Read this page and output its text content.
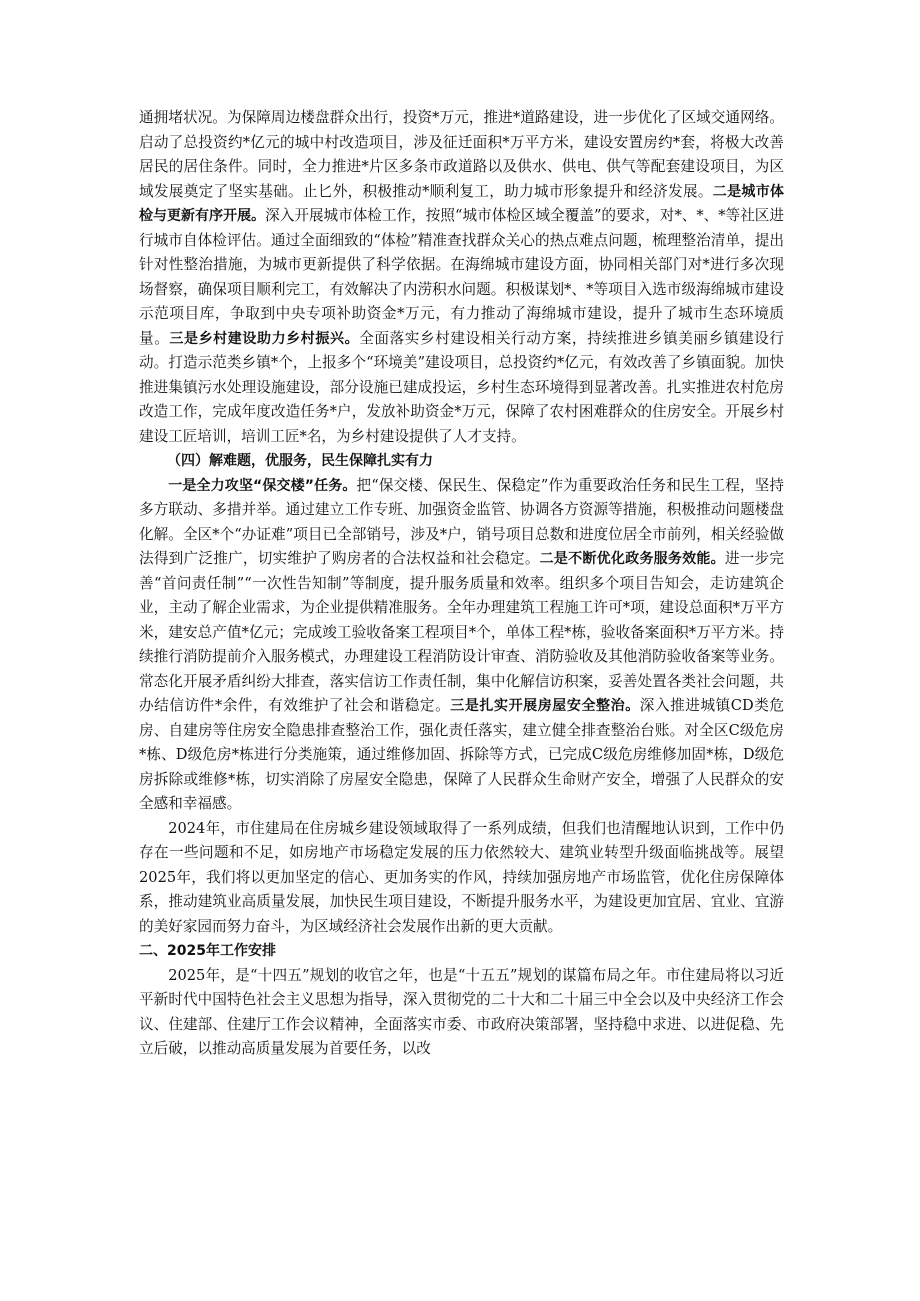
通拥堵状况。为保障周边楼盘群众出行，投资*万元，推进*道路建设，进一步优化了区域交通网络。启动了总投资约*亿元的城中村改造项目，涉及征迁面积*万平方米，建设安置房约*套，将极大改善居民的居住条件。同时，全力推进*片区多条市政道路以及供水、供电、供气等配套建设项目，为区域发展奠定了坚实基础。止匕外，积极推动*顺利复工，助力城市形象提升和经济发展。二是城市体检与更新有序开展。深入开展城市体检工作，按照“城市体检区域全覆盖”的要求，对*、*、*等社区进行城市自体检评估。通过全面细致的“体检”精准查找群众关心的热点难点问题，梳理整治清单，提出针对性整治措施，为城市更新提供了科学依据。在海绵城市建设方面，协同相关部门对*进行多次现场督察，确保项目顺利完工，有效解决了内涝积水问题。积极谋划*、*等项目入选市级海绵城市建设示范项目库，争取到中央专项补助资金*万元，有力推动了海绵城市建设，提升了城市生态环境质量。三是乡村建设助力乡村振兴。全面落实乡村建设相关行动方案，持续推进乡镇美丽乡镇建设行动。打造示范类乡镇*个，上报多个“环境美”建设项目，总投资约*亿元，有效改善了乡镇面貌。加快推进集镇污水处理设施建设，部分设施已建成投运，乡村生态环境得到显著改善。扎实推进农村危房改造工作，完成年度改造任务*户，发放补助资金*万元，保障了农村困难群众的住房安全。开展乡村建设工匠培训，培训工匠*名，为乡村建设提供了人才支持。

（四）解难题，优服务，民生保障扎实有力

一是全力攻坚“保交楼”任务。把“保交楼、保民生、保稳定”作为重要政治任务和民生工程，坚持多方联动、多措并举。通过建立工作专班、加强资金监管、协调各方资源等措施，积极推动问题楼盘化解。全区*个“办证难”项目已全部销号，涉及*户，销号项目总数和进度位居全市前列，相关经验做法得到广泛推广，切实维护了购房者的合法权益和社会稳定。二是不断优化政务服务效能。进一步完善“首问责任制”“一次性告知制”等制度，提升服务质量和效率。组织多个项目告知会，走访建筑企业，主动了解企业需求，为企业提供精准服务。全年办理建筑工程施工许可*项，建设总面积*万平方米，建安总产值*亿元；完成竣工验收备案工程项目*个，单体工程*栋，验收备案面积*万平方米。持续推行消防提前介入服务模式，办理建设工程消防设计审查、消防验收及其他消防验收备案等业务。常态化开展矛盾纠纷大排查，落实信访工作责任制，集中化解信访积案，妥善处置各类社会问题，共办结信访件*余件，有效维护了社会和谐稳定。三是扎实开展房屋安全整治。深入推进城镇CD类危房、自建房等住房安全隐患排查整治工作，强化责任落实，建立健全排查整治台账。对全区C级危房*栋、D级危房*栋进行分类施策，通过维修加固、拆除等方式，已完成C级危房维修加固*栋，D级危房拆除或维修*栋，切实消除了房屋安全隐患，保障了人民群众生命财产安全，增强了人民群众的安全感和幸福感。

2024年，市住建局在住房城乡建设领域取得了一系列成绩，但我们也清醒地认识到，工作中仍存在一些问题和不足，如房地产市场稳定发展的压力依然较大、建筑业转型升级面临挑战等。展望2025年，我们将以更加坚定的信心、更加务实的作风，持续加强房地产市场监管，优化住房保障体系，推动建筑业高质量发展，加快民生项目建设，不断提升服务水平，为建设更加宜居、宜业、宜游的美好家园而努力奋斗，为区域经济社会发展作出新的更大贡献。

二、2025年工作安排

2025年，是“十四五”规划的收官之年，也是“十五五”规划的谋篇布局之年。市住建局将以习近平新时代中国特色社会主义思想为指导，深入贯彻党的二十大和二十届三中全会以及中央经济工作会议、住建部、住建厅工作会议精神，全面落实市委、市政府决策部署，坚持稳中求进、以进促稳、先立后破，以推动高质量发展为首要任务，以改
